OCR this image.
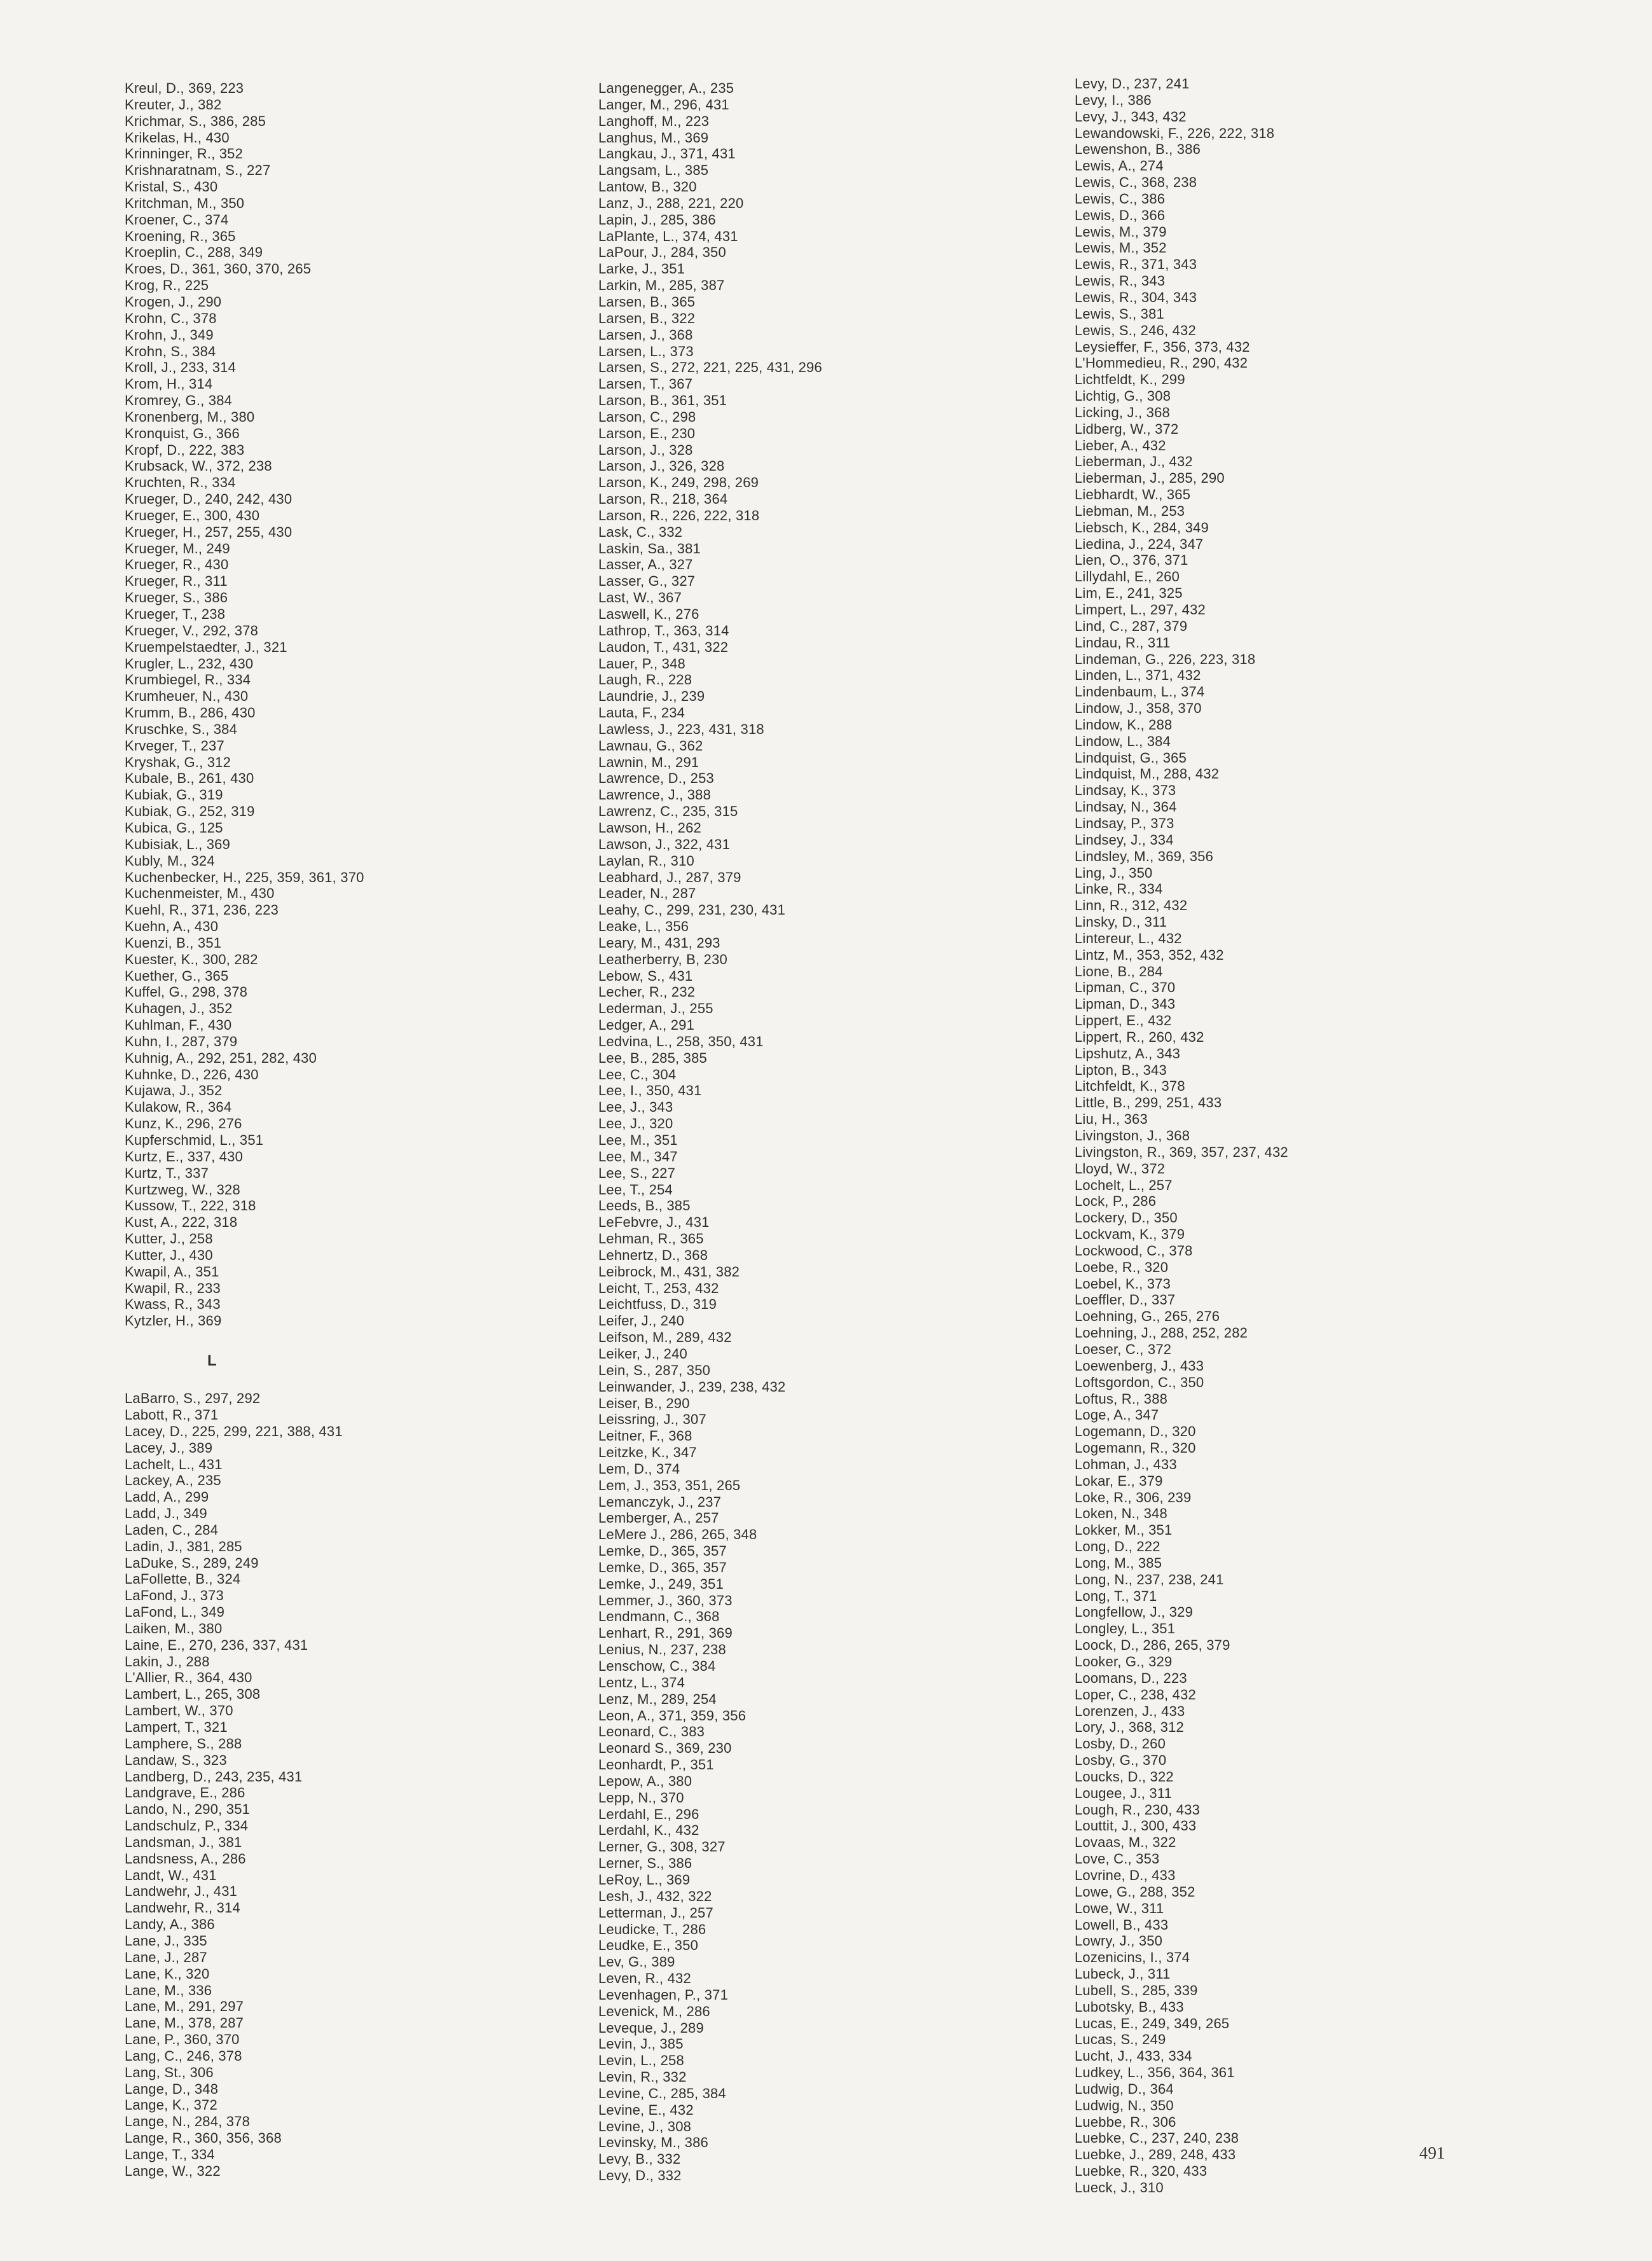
Kreul, D., 369, 223
Kreuter, J., 382
Krichmar, S., 386, 285
Krikelas, H., 430
Krinninger, R., 352
Krishnaratnam, S., 227
Kristal, S., 430
Kritchman, M., 350
Kroener, C., 374
Kroening, R., 365
Kroeplin, C., 288, 349
Kroes, D., 361, 360, 370, 265
Krog, R., 225
Krogen, J., 290
Krohn, C., 378
Krohn, J., 349
Krohn, S., 384
Kroll, J., 233, 314
Krom, H., 314
Kromrey, G., 384
Kronenberg, M., 380
Kronquist, G., 366
Kropf, D., 222, 383
Krubsack, W., 372, 238
Kruchten, R., 334
Krueger, D., 240, 242, 430
Krueger, E., 300, 430
Krueger, H., 257, 255, 430
Krueger, M., 249
Krueger, R., 430
Krueger, R., 311
Krueger, S., 386
Krueger, T., 238
Krueger, V., 292, 378
Kruempelstaedter, J., 321
Krugler, L., 232, 430
Krumbiegel, R., 334
Krumheuer, N., 430
Krumm, B., 286, 430
Kruschke, S., 384
Krveger, T., 237
Kryshak, G., 312
Kubale, B., 261, 430
Kubiak, G., 319
Kubiak, G., 252, 319
Kubica, G., 125
Kubisiak, L., 369
Kubly, M., 324
Kuchenbecker, H., 225, 359, 361, 370
Kuchenmeister, M., 430
Kuehl, R., 371, 236, 223
Kuehn, A., 430
Kuenzi, B., 351
Kuester, K., 300, 282
Kuether, G., 365
Kuffel, G., 298, 378
Kuhagen, J., 352
Kuhlman, F., 430
Kuhn, I., 287, 379
Kuhnig, A., 292, 251, 282, 430
Kuhnke, D., 226, 430
Kujawa, J., 352
Kulakow, R., 364
Kunz, K., 296, 276
Kupferschmid, L., 351
Kurtz, E., 337, 430
Kurtz, T., 337
Kurtzweg, W., 328
Kussow, T., 222, 318
Kust, A., 222, 318
Kutter, J., 258
Kutter, J., 430
Kwapil, A., 351
Kwapil, R., 233
Kwass, R., 343
Kytzler, H., 369
L
LaBarro, S., 297, 292
Labott, R., 371
Lacey, D., 225, 299, 221, 388, 431
Lacey, J., 389
Lachelt, L., 431
Lackey, A., 235
Ladd, A., 299
Ladd, J., 349
Laden, C., 284
Ladin, J., 381, 285
LaDuke, S., 289, 249
LaFollette, B., 324
LaFond, J., 373
LaFond, L., 349
Laiken, M., 380
Laine, E., 270, 236, 337, 431
Lakin, J., 288
L'Allier, R., 364, 430
Lambert, L., 265, 308
Lambert, W., 370
Lampert, T., 321
Lamphere, S., 288
Landaw, S., 323
Landberg, D., 243, 235, 431
Landgrave, E., 286
Lando, N., 290, 351
Landschulz, P., 334
Landsman, J., 381
Landsness, A., 286
Landt, W., 431
Landwehr, J., 431
Landwehr, R., 314
Landy, A., 386
Lane, J., 335
Lane, J., 287
Lane, K., 320
Lane, M., 336
Lane, M., 291, 297
Lane, M., 378, 287
Lane, P., 360, 370
Lang, C., 246, 378
Lang, St., 306
Lange, D., 348
Lange, K., 372
Lange, N., 284, 378
Lange, R., 360, 356, 368
Lange, T., 334
Lange, W., 322
Langenegger, A., 235
Langer, M., 296, 431
Langhoff, M., 223
Langhus, M., 369
Langkau, J., 371, 431
Langsam, L., 385
Lantow, B., 320
Lanz, J., 288, 221, 220
Lapin, J., 285, 386
LaPlante, L., 374, 431
LaPour, J., 284, 350
Larke, J., 351
Larkin, M., 285, 387
Larsen, B., 365
Larsen, B., 322
Larsen, J., 368
Larsen, L., 373
Larsen, S., 272, 221, 225, 431, 296
Larsen, T., 367
Larson, B., 361, 351
Larson, C., 298
Larson, E., 230
Larson, J., 328
Larson, J., 326, 328
Larson, K., 249, 298, 269
Larson, R., 218, 364
Larson, R., 226, 222, 318
Lask, C., 332
Laskin, Sa., 381
Lasser, A., 327
Lasser, G., 327
Last, W., 367
Laswell, K., 276
Lathrop, T., 363, 314
Laudon, T., 431, 322
Lauer, P., 348
Laugh, R., 228
Laundrie, J., 239
Lauta, F., 234
Lawless, J., 223, 431, 318
Lawnau, G., 362
Lawnin, M., 291
Lawrence, D., 253
Lawrence, J., 388
Lawrenz, C., 235, 315
Lawson, H., 262
Lawson, J., 322, 431
Laylan, R., 310
Leabhard, J., 287, 379
Leader, N., 287
Leahy, C., 299, 231, 230, 431
Leake, L., 356
Leary, M., 431, 293
Leatherberry, B, 230
Lebow, S., 431
Lecher, R., 232
Lederman, J., 255
Ledger, A., 291
Ledvina, L., 258, 350, 431
Lee, B., 285, 385
Lee, C., 304
Lee, I., 350, 431
Lee, J., 343
Lee, J., 320
Lee, M., 351
Lee, M., 347
Lee, S., 227
Lee, T., 254
Leeds, B., 385
LeFebvre, J., 431
Lehman, R., 365
Lehnertz, D., 368
Leibrock, M., 431, 382
Leicht, T., 253, 432
Leichtfuss, D., 319
Leifer, J., 240
Leifson, M., 289, 432
Leiker, J., 240
Lein, S., 287, 350
Leinwander, J., 239, 238, 432
Leiser, B., 290
Leissring, J., 307
Leitner, F., 368
Leitzke, K., 347
Lem, D., 374
Lem, J., 353, 351, 265
Lemanczyk, J., 237
Lemberger, A., 257
LeMere J., 286, 265, 348
Lemke, D., 365, 357
Lemke, D., 365, 357
Lemke, J., 249, 351
Lemmer, J., 360, 373
Lendmann, C., 368
Lenhart, R., 291, 369
Lenius, N., 237, 238
Lenschow, C., 384
Lentz, L., 374
Lenz, M., 289, 254
Leon, A., 371, 359, 356
Leonard, C., 383
Leonard S., 369, 230
Leonhardt, P., 351
Lepow, A., 380
Lepp, N., 370
Lerdahl, E., 296
Lerdahl, K., 432
Lerner, G., 308, 327
Lerner, S., 386
LeRoy, L., 369
Lesh, J., 432, 322
Letterman, J., 257
Leudicke, T., 286
Leudke, E., 350
Lev, G., 389
Leven, R., 432
Levenhagen, P., 371
Levenick, M., 286
Leveque, J., 289
Levin, J., 385
Levin, L., 258
Levin, R., 332
Levine, C., 285, 384
Levine, E., 432
Levine, J., 308
Levinsky, M., 386
Levy, B., 332
Levy, D., 332
Levy, D., 237, 241
Levy, I., 386
Levy, J., 343, 432
Lewandowski, F., 226, 222, 318
Lewenshon, B., 386
Lewis, A., 274
Lewis, C., 368, 238
Lewis, C., 386
Lewis, D., 366
Lewis, M., 379
Lewis, M., 352
Lewis, R., 371, 343
Lewis, R., 343
Lewis, R., 304, 343
Lewis, S., 381
Lewis, S., 246, 432
Leysieffer, F., 356, 373, 432
L'Hommedieu, R., 290, 432
Lichtfeldt, K., 299
Lichtig, G., 308
Licking, J., 368
Lidberg, W., 372
Lieber, A., 432
Lieberman, J., 432
Lieberman, J., 285, 290
Liebhardt, W., 365
Liebman, M., 253
Liebsch, K., 284, 349
Liedina, J., 224, 347
Lien, O., 376, 371
Lillydahl, E., 260
Lim, E., 241, 325
Limpert, L., 297, 432
Lind, C., 287, 379
Lindau, R., 311
Lindeman, G., 226, 223, 318
Linden, L., 371, 432
Lindenbaum, L., 374
Lindow, J., 358, 370
Lindow, K., 288
Lindow, L., 384
Lindquist, G., 365
Lindquist, M., 288, 432
Lindsay, K., 373
Lindsay, N., 364
Lindsay, P., 373
Lindsey, J., 334
Lindsley, M., 369, 356
Ling, J., 350
Linke, R., 334
Linn, R., 312, 432
Linsky, D., 311
Lintereur, L., 432
Lintz, M., 353, 352, 432
Lione, B., 284
Lipman, C., 370
Lipman, D., 343
Lippert, E., 432
Lippert, R., 260, 432
Lipshutz, A., 343
Lipton, B., 343
Litchfeldt, K., 378
Little, B., 299, 251, 433
Liu, H., 363
Livingston, J., 368
Livingston, R., 369, 357, 237, 432
Lloyd, W., 372
Lochelt, L., 257
Lock, P., 286
Lockery, D., 350
Lockvam, K., 379
Lockwood, C., 378
Loebe, R., 320
Loebel, K., 373
Loeffler, D., 337
Loehning, G., 265, 276
Loehning, J., 288, 252, 282
Loeser, C., 372
Loewenberg, J., 433
Loftsgordon, C., 350
Loftus, R., 388
Loge, A., 347
Logemann, D., 320
Logemann, R., 320
Lohman, J., 433
Lokar, E., 379
Loke, R., 306, 239
Loken, N., 348
Lokker, M., 351
Long, D., 222
Long, M., 385
Long, N., 237, 238, 241
Long, T., 371
Longfellow, J., 329
Longley, L., 351
Loock, D., 286, 265, 379
Looker, G., 329
Loomans, D., 223
Loper, C., 238, 432
Lorenzen, J., 433
Lory, J., 368, 312
Losby, D., 260
Losby, G., 370
Loucks, D., 322
Lougee, J., 311
Lough, R., 230, 433
Louttit, J., 300, 433
Lovaas, M., 322
Love, C., 353
Lovrine, D., 433
Lowe, G., 288, 352
Lowe, W., 311
Lowell, B., 433
Lowry, J., 350
Lozenicins, I., 374
Lubeck, J., 311
Lubell, S., 285, 339
Lubotsky, B., 433
Lucas, E., 249, 349, 265
Lucas, S., 249
Lucht, J., 433, 334
Ludkey, L., 356, 364, 361
Ludwig, D., 364
Ludwig, N., 350
Luebbe, R., 306
Luebke, C., 237, 240, 238
Luebke, J., 289, 248, 433
Luebke, R., 320, 433
Lueck, J., 310
491
